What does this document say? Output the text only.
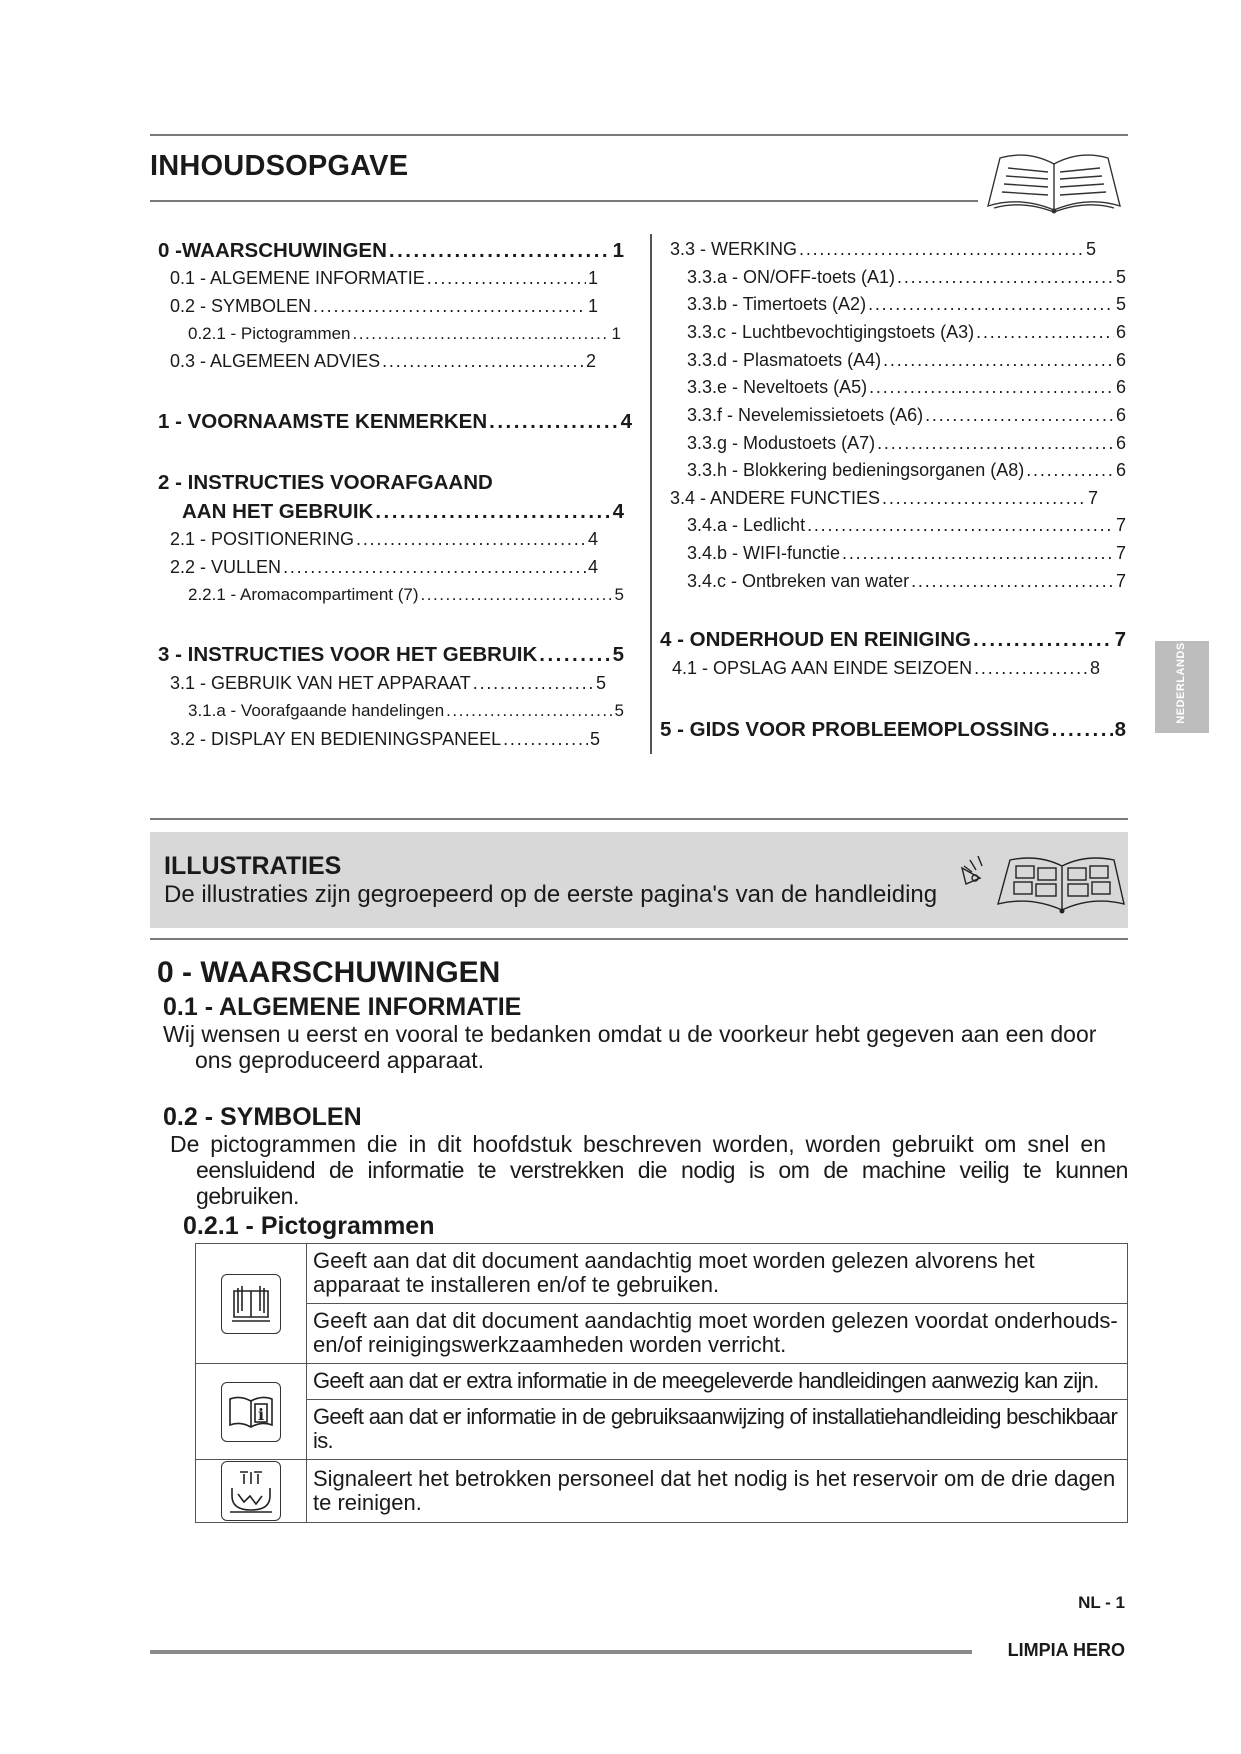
INHOUDSOPGAVE
0 -WAARSCHUWINGEN . . .	1
0.1 - ALGEMENE INFORMATIE . . .	1
0.2 - SYMBOLEN . . .	1
0.2.1 - Pictogrammen . . .	1
0.3 - ALGEMEEN ADVIES . . .	2
1 - VOORNAAMSTE KENMERKEN . . .	4
2 - INSTRUCTIES VOORAFGAAND
AAN HET GEBRUIK . . .	4
2.1 - POSITIONERING . . .	4
2.2 - VULLEN . . .	4
2.2.1 - Aromacompartiment (7) . . .	5
3 - INSTRUCTIES VOOR HET GEBRUIK . . .	5
3.1 - GEBRUIK VAN HET APPARAAT . . .	5
3.1.a - Voorafgaande handelingen . . .	5
3.2 - DISPLAY EN BEDIENINGSPANEEL . . .	5
3.3 - WERKING . . .	5
3.3.a - ON/OFF-toets (A1) . . .	5
3.3.b - Timertoets (A2) . . .	5
3.3.c - Luchtbevochtigingstoets (A3) . . .	6
3.3.d - Plasmatoets (A4) . . .	6
3.3.e - Neveltoets (A5) . . .	6
3.3.f - Nevelemissietoets (A6) . . .	6
3.3.g - Modustoets (A7) . . .	6
3.3.h - Blokkering bedieningsorganen (A8) . . .	6
3.4 - ANDERE FUNCTIES . . .	7
3.4.a - Ledlicht . . .	7
3.4.b - WIFI-functie . . .	7
3.4.c - Ontbreken van water . . .	7
4 - ONDERHOUD EN REINIGING . . .	7
4.1 - OPSLAG AAN EINDE SEIZOEN . . .	8
5 - GIDS VOOR PROBLEEMOPLOSSING . . .	8
NEDERLANDS
ILLUSTRATIES
De illustraties zijn gegroepeerd op de eerste pagina's van de handleiding
0 - WAARSCHUWINGEN
0.1 - ALGEMENE INFORMATIE
Wij wensen u eerst en vooral te bedanken omdat u de voorkeur hebt gegeven aan een door
ons geproduceerd apparaat.
0.2 - SYMBOLEN
De pictogrammen die in dit hoofdstuk beschreven worden, worden gebruikt om snel en
eensluidend de informatie te verstrekken die nodig is om de machine veilig te kunnen gebruiken.
0.2.1 - Pictogrammen
	Geeft aan dat dit document aandachtig moet worden gelezen alvorens het apparaat te installeren en/of te gebruiken.
	Geeft aan dat dit document aandachtig moet worden gelezen voordat onderhouds-en/of reinigingswerkzaamheden worden verricht.

i	Geeft aan dat er extra informatie in de meegeleverde handleidingen aanwezig kan zijn.
	Geeft aan dat er informatie in de gebruiksaanwijzing of installatiehandleiding beschikbaar is.

	Signaleert het betrokken personeel dat het nodig is het reservoir om de drie dagen te reinigen.
NL - 1
LIMPIA HERO
